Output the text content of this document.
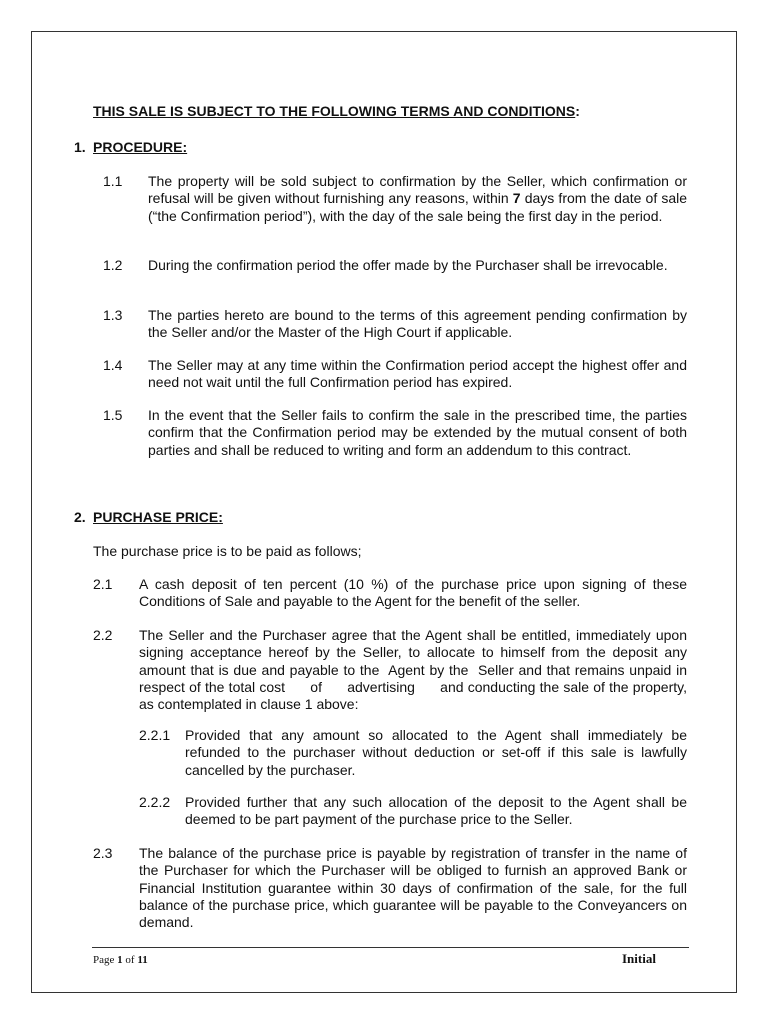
THIS SALE IS SUBJECT TO THE FOLLOWING TERMS AND CONDITIONS:
1. PROCEDURE:
1.1 The property will be sold subject to confirmation by the Seller, which confirmation or refusal will be given without furnishing any reasons, within 7 days from the date of sale (“the Confirmation period”), with the day of the sale being the first day in the period.
1.2 During the confirmation period the offer made by the Purchaser shall be irrevocable.
1.3 The parties hereto are bound to the terms of this agreement pending confirmation by the Seller and/or the Master of the High Court if applicable.
1.4 The Seller may at any time within the Confirmation period accept the highest offer and need not wait until the full Confirmation period has expired.
1.5 In the event that the Seller fails to confirm the sale in the prescribed time, the parties confirm that the Confirmation period may be extended by the mutual consent of both parties and shall be reduced to writing and form an addendum to this contract.
2. PURCHASE PRICE:
The purchase price is to be paid as follows;
2.1 A cash deposit of ten percent (10 %) of the purchase price upon signing of these Conditions of Sale and payable to the Agent for the benefit of the seller.
2.2 The Seller and the Purchaser agree that the Agent shall be entitled, immediately upon signing acceptance hereof by the Seller, to allocate to himself from the deposit any amount that is due and payable to the  Agent by the  Seller and that remains unpaid in respect of the total cost      of      advertising      and conducting the sale of the property, as contemplated in clause 1 above:
2.2.1 Provided that any amount so allocated to the Agent shall immediately be refunded to the purchaser without deduction or set-off if this sale is lawfully cancelled by the purchaser.
2.2.2 Provided further that any such allocation of the deposit to the Agent shall be deemed to be part payment of the purchase price to the Seller.
2.3 The balance of the purchase price is payable by registration of transfer in the name of the Purchaser for which the Purchaser will be obliged to furnish an approved Bank or Financial Institution guarantee within 30 days of confirmation of the sale, for the full balance of the purchase price, which guarantee will be payable to the Conveyancers on demand.
Page 1 of 11	Initial
